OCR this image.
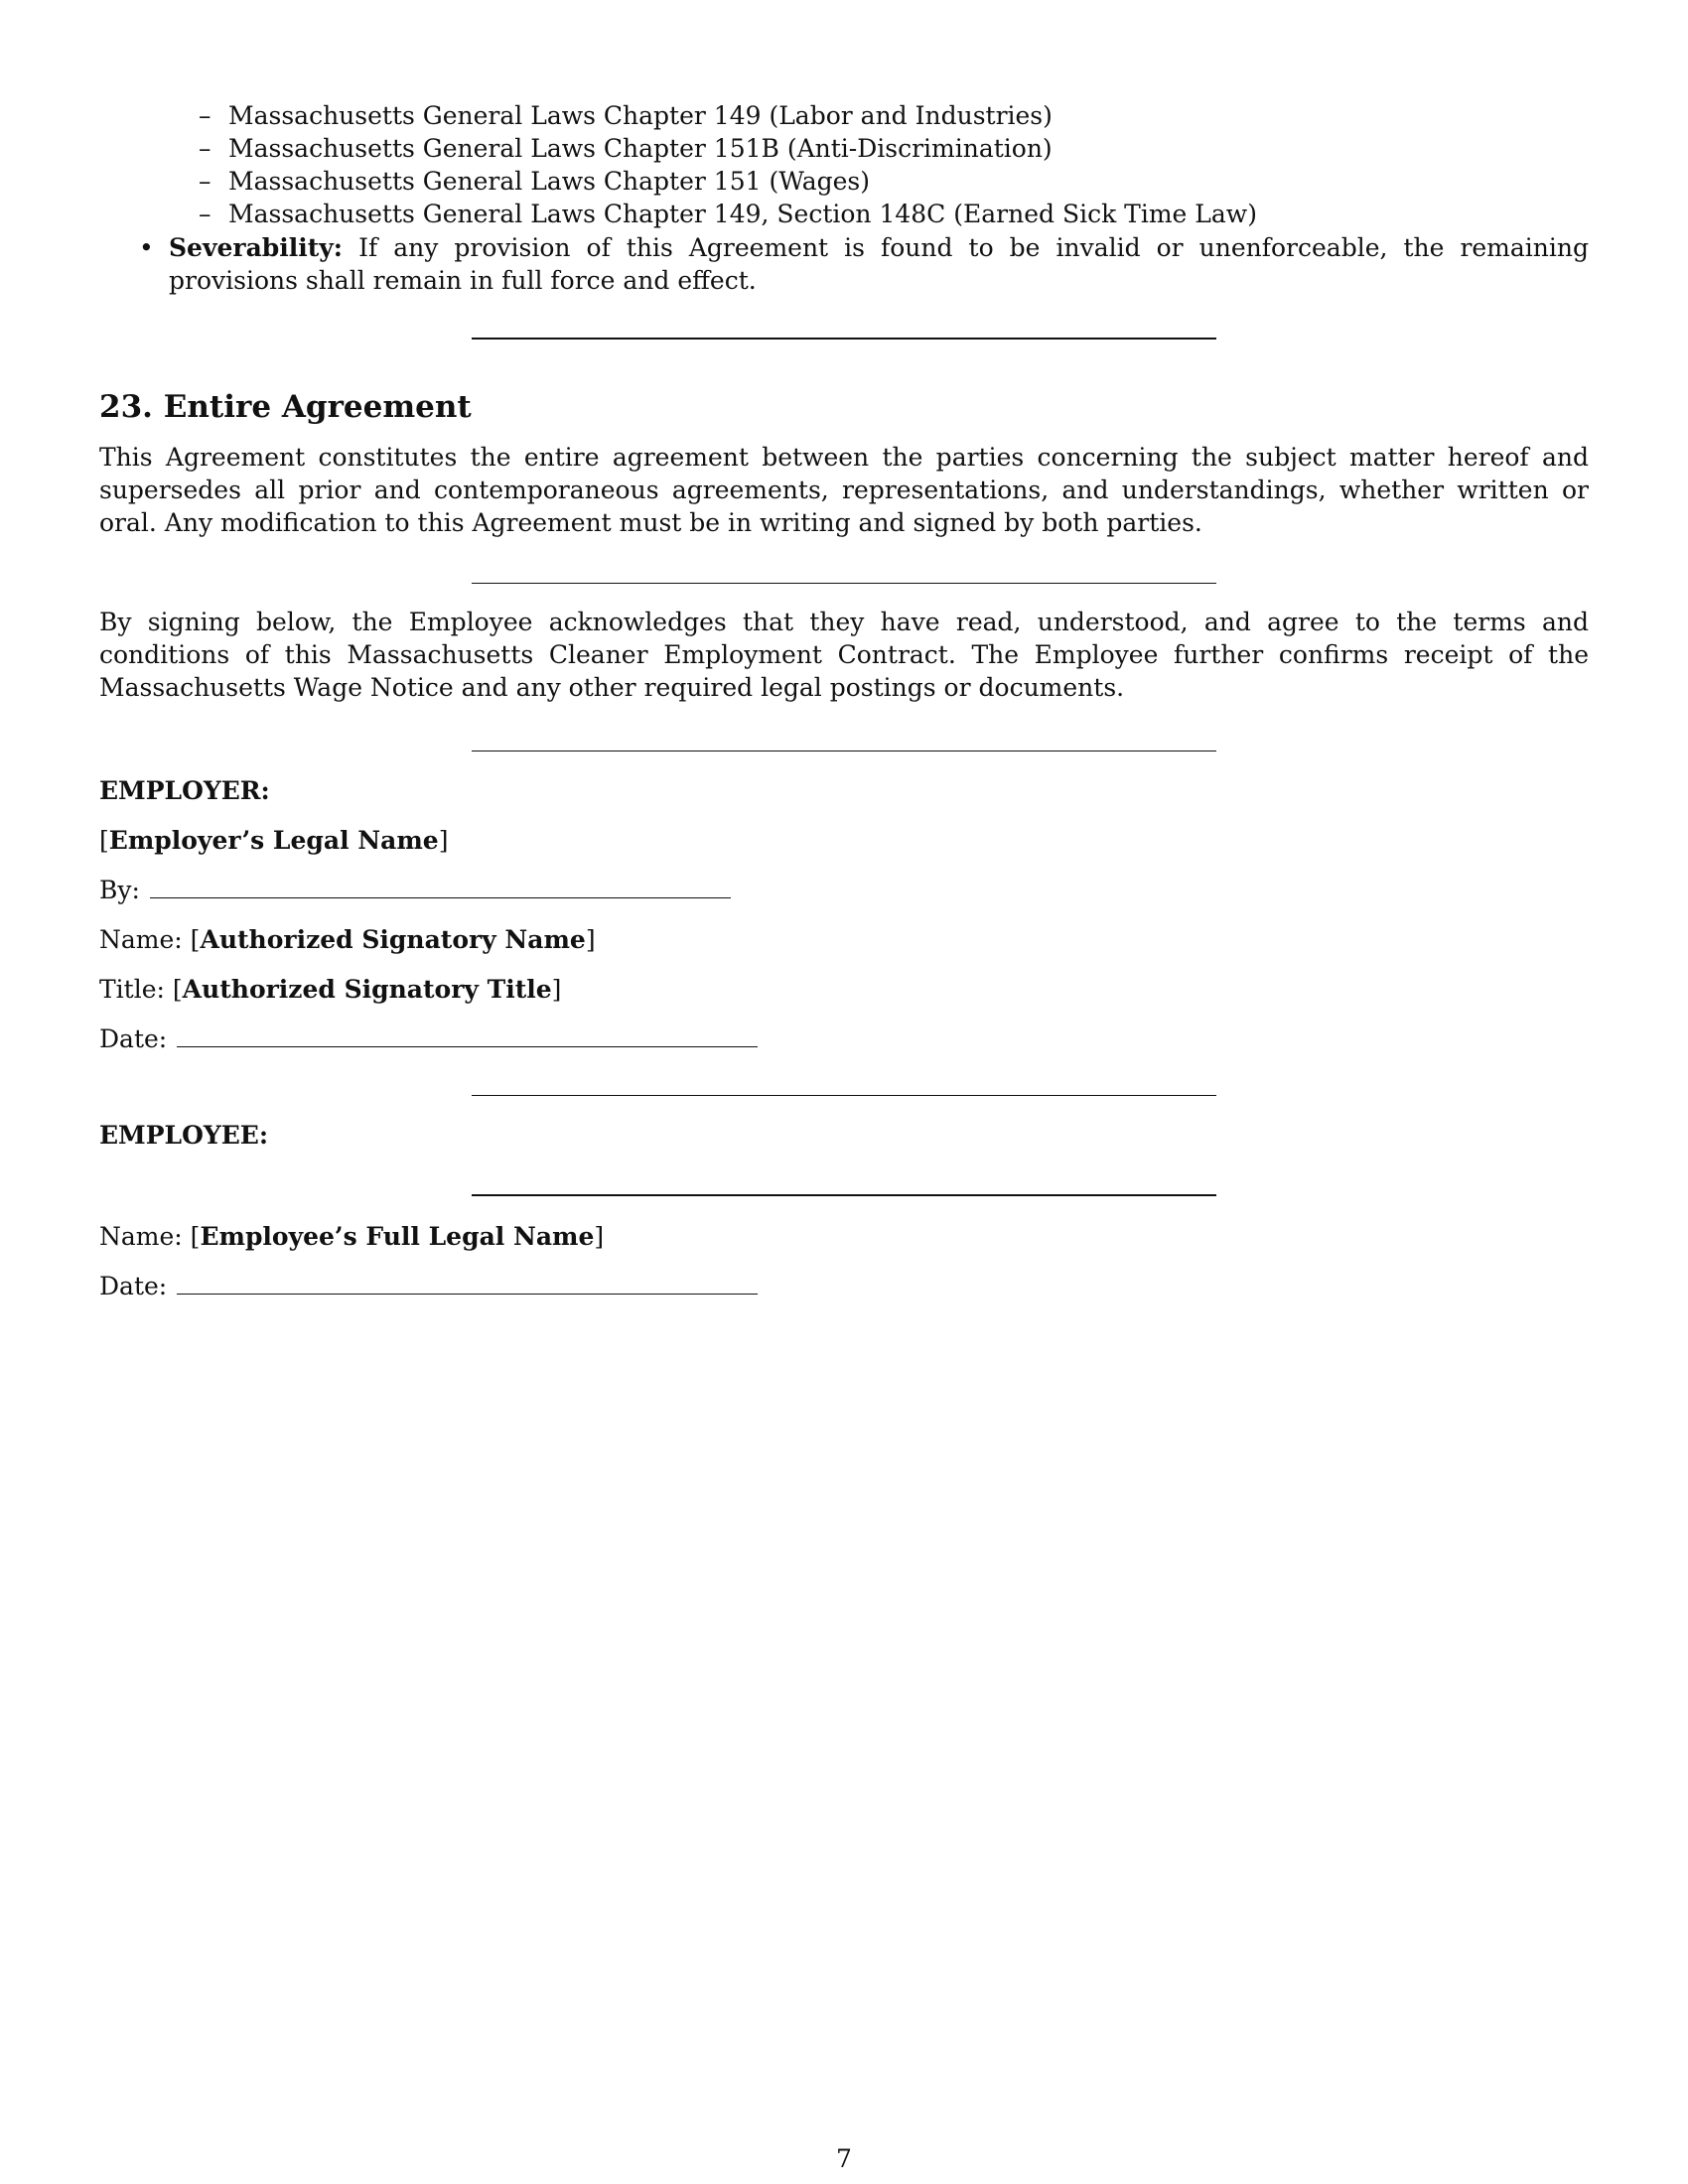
– Massachusetts General Laws Chapter 149 (Labor and Industries)
– Massachusetts General Laws Chapter 151B (Anti-Discrimination)
– Massachusetts General Laws Chapter 151 (Wages)
– Massachusetts General Laws Chapter 149, Section 148C (Earned Sick Time Law)
• Severability: If any provision of this Agreement is found to be invalid or unenforceable, the remaining provisions shall remain in full force and effect.
23. Entire Agreement
This Agreement constitutes the entire agreement between the parties concerning the subject matter hereof and supersedes all prior and contemporaneous agreements, representations, and understandings, whether written or oral. Any modification to this Agreement must be in writing and signed by both parties.
By signing below, the Employee acknowledges that they have read, understood, and agree to the terms and conditions of this Massachusetts Cleaner Employment Contract. The Employee further confirms receipt of the Massachusetts Wage Notice and any other required legal postings or documents.
EMPLOYER:
[Employer’s Legal Name]
By:
Name: [Authorized Signatory Name]
Title: [Authorized Signatory Title]
Date:
EMPLOYEE:
Name: [Employee’s Full Legal Name]
Date:
7
